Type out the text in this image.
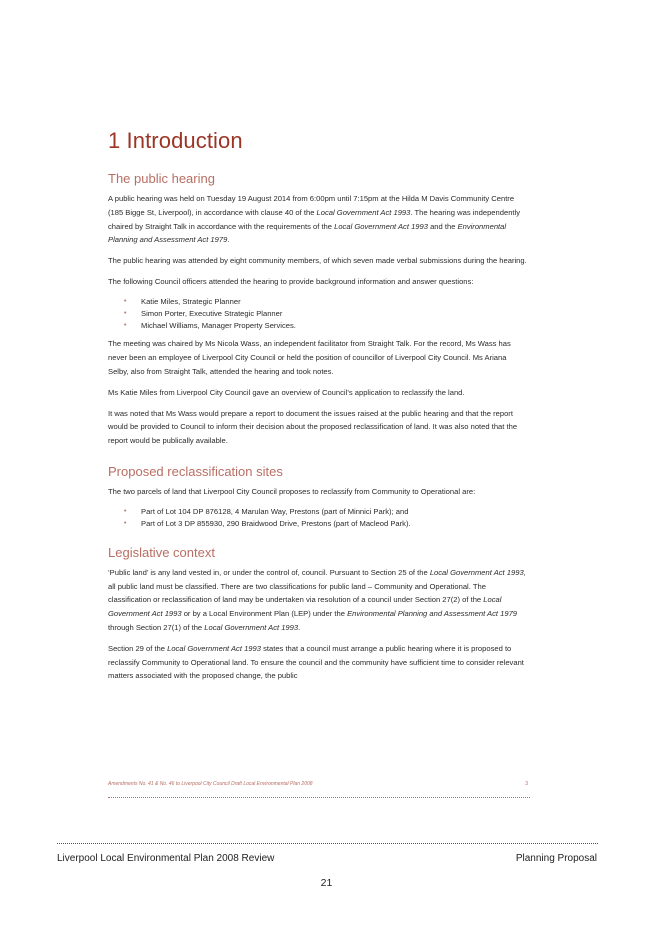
1 Introduction
The public hearing

A public hearing was held on Tuesday 19 August 2014 from 6:00pm until 7:15pm at the Hilda M Davis Community Centre (185 Bigge St, Liverpool), in accordance with clause 40 of the Local Government Act 1993. The hearing was independently chaired by Straight Talk in accordance with the requirements of the Local Government Act 1993 and the Environmental Planning and Assessment Act 1979.

The public hearing was attended by eight community members, of which seven made verbal submissions during the hearing.

The following Council officers attended the hearing to provide background information and answer questions:

• Katie Miles, Strategic Planner
• Simon Porter, Executive Strategic Planner
• Michael Williams, Manager Property Services.

The meeting was chaired by Ms Nicola Wass, an independent facilitator from Straight Talk. For the record, Ms Wass has never been an employee of Liverpool City Council or held the position of councillor of Liverpool City Council. Ms Ariana Selby, also from Straight Talk, attended the hearing and took notes.

Ms Katie Miles from Liverpool City Council gave an overview of Council’s application to reclassify the land.

It was noted that Ms Wass would prepare a report to document the issues raised at the public hearing and that the report would be provided to Council to inform their decision about the proposed reclassification of land. It was also noted that the report would be publically available.

Proposed reclassification sites

The two parcels of land that Liverpool City Council proposes to reclassify from Community to Operational are:

• Part of Lot 104 DP 876128, 4 Marulan Way, Prestons (part of Minnici Park); and
• Part of Lot 3 DP 855930, 290 Braidwood Drive, Prestons (part of Macleod Park).
Legislative context

‘Public land’ is any land vested in, or under the control of, council. Pursuant to Section 25 of the Local Government Act 1993, all public land must be classified. There are two classifications for public land – Community and Operational. The classification or reclassification of land may be undertaken via resolution of a council under Section 27(2) of the Local Government Act 1993 or by a Local Environment Plan (LEP) under the Environmental Planning and Assessment Act 1979 through Section 27(1) of the Local Government Act 1993.

Section 29 of the Local Government Act 1993 states that a council must arrange a public hearing where it is proposed to reclassify Community to Operational land. To ensure the council and the community have sufficient time to consider relevant matters associated with the proposed change, the public

Amendments No. 41 & No. 46 to Liverpool City Council Draft Local Environmental Plan 2008	3
Liverpool Local Environmental Plan 2008 Review	Planning Proposal
21
